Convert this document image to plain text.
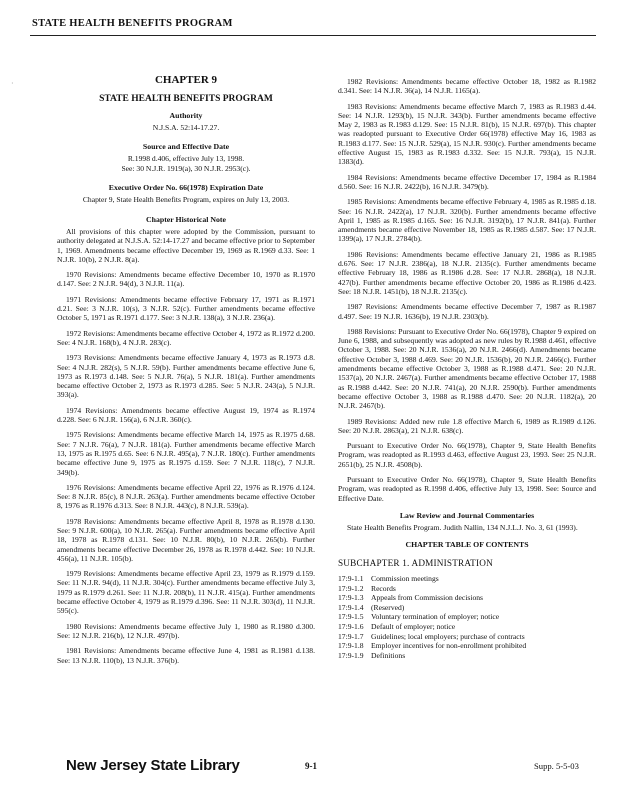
STATE HEALTH BENEFITS PROGRAM
·	CHAPTER 9
STATE HEALTH BENEFITS PROGRAM
Authority

N.J.S.A. 52:14-17.27.

Source and Effective Date

R.1998 d.406, effective July 13, 1998.

See: 30 N.J.R. 1919(a), 30 N.J.R. 2953(c).

Executive Order No. 66(1978) Expiration Date

Chapter 9, State Health Benefits Program, expires on July 13, 2003.

Chapter Historical Note

All provisions of this chapter were adopted by the Commission, pursuant to authority delegated at N.J.S.A. 52:14-17.27 and became effective prior to September 1, 1969. Amendments became effective December 19, 1969 as R.1969 d.33. See: 1 N.J.R. 10(b), 2 N.J.R. 8(a).

1970 Revisions: Amendments became effective December 10, 1970 as R.1970 d.147. See: 2 N.J.R. 94(d), 3 N.J.R. 11(a).

1971 Revisions: Amendments became effective February 17, 1971 as R.1971 d.21. See: 3 N.J.R. 10(s), 3 N.J.R. 52(c). Further amendments became effective October 5, 1971 as R.1971 d.177. See: 3 N.J.R. 138(a), 3 N.J.R. 236(a).

1972 Revisions: Amendments became effective October 4, 1972 as R.1972 d.200. See: 4 N.J.R. 168(b), 4 N.J.R. 283(c).

1973 Revisions: Amendments became effective January 4, 1973 as R.1973 d.8. See: 4 N.J.R. 282(s), 5 N.J.R. 59(b). Further amendments became effective June 6, 1973 as R.1973 d.148. See: 5 N.J.R. 76(a), 5 N.J.R. 181(a). Further amendments became effective October 2, 1973 as R.1973 d.285. See: 5 N.J.R. 243(a), 5 N.J.R. 393(a).

1974 Revisions: Amendments became effective August 19, 1974 as R.1974 d.228. See: 6 N.J.R. 156(a), 6 N.J.R. 360(c).

1975 Revisions: Amendments became effective March 14, 1975 as R.1975 d.68. See: 7 N.J.R. 76(a), 7 N.J.R. 181(a). Further amendments became effective March 13, 1975 as R.1975 d.65. See: 6 N.J.R. 495(a), 7 N.J.R. 180(c). Further amendments became effective June 9, 1975 as R.1975 d.159. See: 7 N.J.R. 118(c), 7 N.J.R. 349(b).

1976 Revisions: Amendments became effective April 22, 1976 as R.1976 d.124. See: 8 N.J.R. 85(c), 8 N.J.R. 263(a). Further amendments became effective October 8, 1976 as R.1976 d.313. See: 8 N.J.R. 443(c), 8 N.J.R. 539(a).

1978 Revisions: Amendments became effective April 8, 1978 as R.1978 d.130. See: 9 N.J.R. 600(a), 10 N.J.R. 265(a). Further amendments became effective April 18, 1978 as R.1978 d.131. See: 10 N.J.R. 80(b), 10 N.J.R. 265(b). Further amendments became effective December 26, 1978 as R.1978 d.442. See: 10 N.J.R. 456(a), 11 N.J.R. 105(b).

1979 Revisions: Amendments became effective April 23, 1979 as R.1979 d.159. See: 11 N.J.R. 94(d), 11 N.J.R. 304(c). Further amendments became effective July 3, 1979 as R.1979 d.261. See: 11 N.J.R. 208(b), 11 N.J.R. 415(a). Further amendments became effective October 4, 1979 as R.1979 d.396. See: 11 N.J.R. 303(d), 11 N.J.R. 595(c).

1980 Revisions: Amendments became effective July 1, 1980 as R.1980 d.300. See: 12 N.J.R. 216(b), 12 N.J.R. 497(b).

1981 Revisions: Amendments became effective June 4, 1981 as R.1981 d.138. See: 13 N.J.R. 110(b), 13 N.J.R. 376(b).

1982 Revisions: Amendments became effective October 18, 1982 as R.1982 d.341. See: 14 N.J.R. 36(a), 14 N.J.R. 1165(a).

1983 Revisions: Amendments became effective March 7, 1983 as R.1983 d.44. See: 14 N.J.R. 1293(b), 15 N.J.R. 343(b). Further amendments became effective May 2, 1983 as R.1983 d.129. See: 15 N.J.R. 81(b), 15 N.J.R. 697(b). This chapter was readopted pursuant to Executive Order 66(1978) effective May 16, 1983 as R.1983 d.177. See: 15 N.J.R. 529(a), 15 N.J.R. 930(c). Further amendments became effective August 15, 1983 as R.1983 d.332. See: 15 N.J.R. 793(a), 15 N.J.R. 1383(d).

1984 Revisions: Amendments became effective December 17, 1984 as R.1984 d.560. See: 16 N.J.R. 2422(b), 16 N.J.R. 3479(b).

1985 Revisions: Amendments became effective February 4, 1985 as R.1985 d.18. See: 16 N.J.R. 2422(a), 17 N.J.R. 320(b). Further amendments became effective April 1, 1985 as R.1985 d.165. See: 16 N.J.R. 3192(b), 17 N.J.R. 841(a). Further amendments became effective November 18, 1985 as R.1985 d.587. See: 17 N.J.R. 1399(a), 17 N.J.R. 2784(b).

1986 Revisions: Amendments became effective January 21, 1986 as R.1985 d.676. See: 17 N.J.R. 2386(a), 18 N.J.R. 2135(c). Further amendments became effective February 18, 1986 as R.1986 d.28. See: 17 N.J.R. 2868(a), 18 N.J.R. 427(b). Further amendments became effective October 20, 1986 as R.1986 d.423. See: 18 N.J.R. 1451(b), 18 N.J.R. 2135(c).

1987 Revisions: Amendments became effective December 7, 1987 as R.1987 d.497. See: 19 N.J.R. 1636(b), 19 N.J.R. 2303(b).

1988 Revisions: Pursuant to Executive Order No. 66(1978), Chapter 9 expired on June 6, 1988, and subsequently was adopted as new rules by R.1988 d.461, effective October 3, 1988. See: 20 N.J.R. 1536(a), 20 N.J.R. 2466(d). Amendments became effective October 3, 1988 d.469. See: 20 N.J.R. 1536(b), 20 N.J.R. 2466(c). Further amendments became effective October 3, 1988 as R.1988 d.471. See: 20 N.J.R. 1537(a), 20 N.J.R. 2467(a). Further amendments became effective October 17, 1988 as R.1988 d.442. See: 20 N.J.R. 741(a), 20 N.J.R. 2590(b). Further amendments became effective October 3, 1988 as R.1988 d.470. See: 20 N.J.R. 1182(a), 20 N.J.R. 2467(b).

1989 Revisions: Added new rule 1.8 effective March 6, 1989 as R.1989 d.126. See: 20 N.J.R. 2863(a), 21 N.J.R. 638(c).

Pursuant to Executive Order No. 66(1978), Chapter 9, State Health Benefits Program, was readopted as R.1993 d.463, effective August 23, 1993. See: 25 N.J.R. 2651(b), 25 N.J.R. 4508(b).

Pursuant to Executive Order No. 66(1978), Chapter 9, State Health Benefits Program, was readopted as R.1998 d.406, effective July 13, 1998. See: Source and Effective Date.

Law Review and Journal Commentaries

State Health Benefits Program. Judith Nallin, 134 N.J.L.J. No. 3, 61 (1993).

CHAPTER TABLE OF CONTENTS
SUBCHAPTER 1. ADMINISTRATION
17:9-1.1 Commission meetings
17:9-1.2 Records
17:9-1.3 Appeals from Commission decisions
17:9-1.4 (Reserved)
17:9-1.5 Voluntary termination of employer; notice
17:9-1.6 Default of employer; notice
17:9-1.7 Guidelines; local employers; purchase of contracts
17:9-1.8 Employer incentives for non-enrollment prohibited
17:9-1.9 Definitions
New Jersey State Library	9-1	Supp. 5-5-03
